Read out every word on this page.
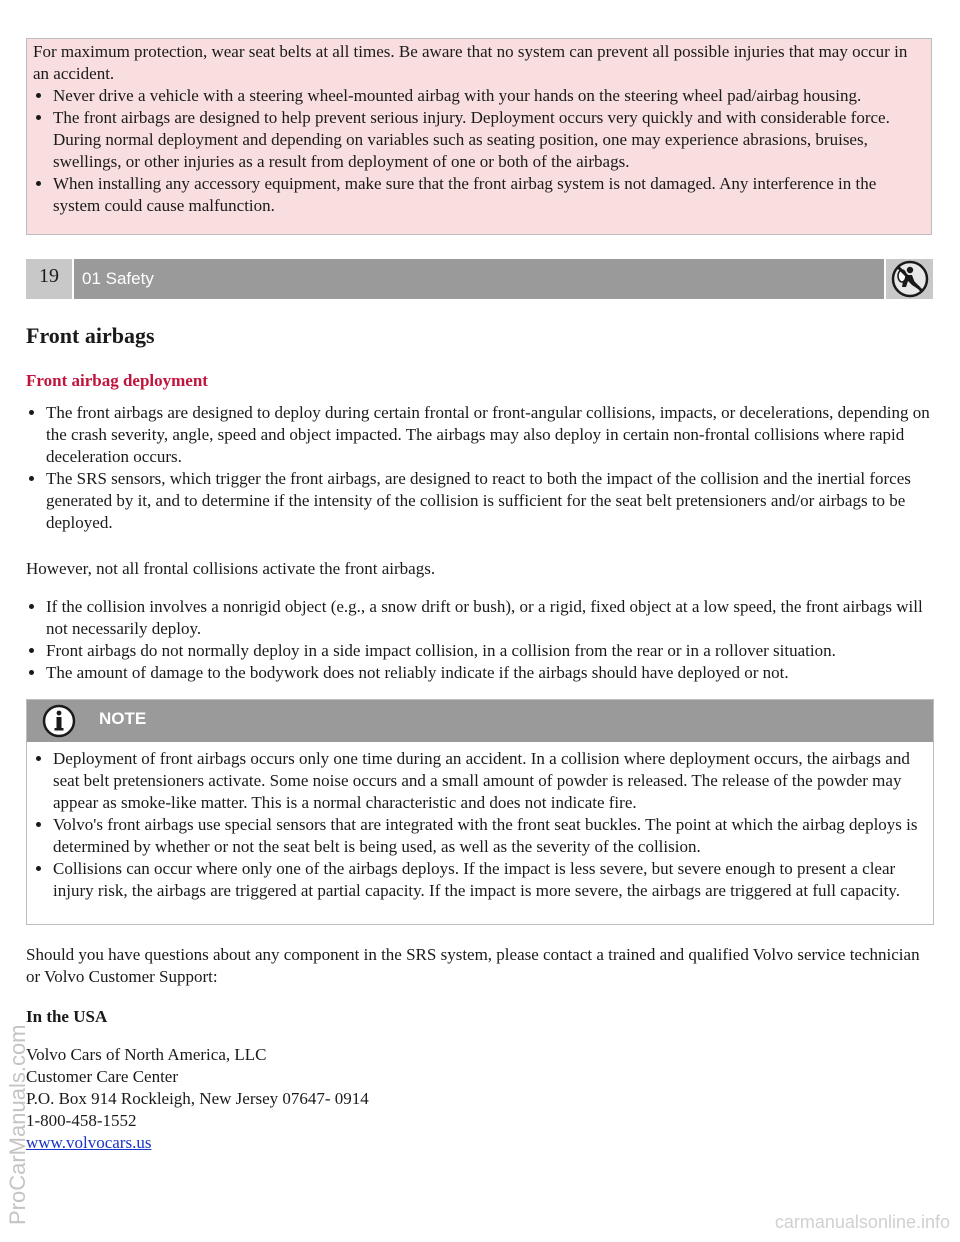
For maximum protection, wear seat belts at all times. Be aware that no system can prevent all possible injuries that may occur in an accident.

Never drive a vehicle with a steering wheel-mounted airbag with your hands on the steering wheel pad/airbag housing.
The front airbags are designed to help prevent serious injury. Deployment occurs very quickly and with considerable force. During normal deployment and depending on variables such as seating position, one may experience abrasions, bruises, swellings, or other injuries as a result from deployment of one or both of the airbags.
When installing any accessory equipment, make sure that the front airbag system is not damaged. Any interference in the system could cause malfunction.
19	01 Safety
Front airbags
Front airbag deployment
The front airbags are designed to deploy during certain frontal or front-angular collisions, impacts, or decelerations, depending on the crash severity, angle, speed and object impacted. The airbags may also deploy in certain non-frontal collisions where rapid deceleration occurs.
The SRS sensors, which trigger the front airbags, are designed to react to both the impact of the collision and the inertial forces generated by it, and to determine if the intensity of the collision is sufficient for the seat belt pretensioners and/or airbags to be deployed.

However, not all frontal collisions activate the front airbags.

If the collision involves a nonrigid object (e.g., a snow drift or bush), or a rigid, fixed object at a low speed, the front airbags will not necessarily deploy.
Front airbags do not normally deploy in a side impact collision, in a collision from the rear or in a rollover situation.
The amount of damage to the bodywork does not reliably indicate if the airbags should have deployed or not.
NOTE
Deployment of front airbags occurs only one time during an accident. In a collision where deployment occurs, the airbags and seat belt pretensioners activate. Some noise occurs and a small amount of powder is released. The release of the powder may appear as smoke-like matter. This is a normal characteristic and does not indicate fire.
Volvo's front airbags use special sensors that are integrated with the front seat buckles. The point at which the airbag deploys is determined by whether or not the seat belt is being used, as well as the severity of the collision.
Collisions can occur where only one of the airbags deploys. If the impact is less severe, but severe enough to present a clear injury risk, the airbags are triggered at partial capacity. If the impact is more severe, the airbags are triggered at full capacity.

Should you have questions about any component in the SRS system, please contact a trained and qualified Volvo service technician or Volvo Customer Support:

In the USA
Volvo Cars of North America, LLC
Customer Care Center
P.O. Box 914 Rockleigh, New Jersey 07647- 0914
1-800-458-1552
www.volvocars.us
ProCarManuals.com	carmanualsonline.info
